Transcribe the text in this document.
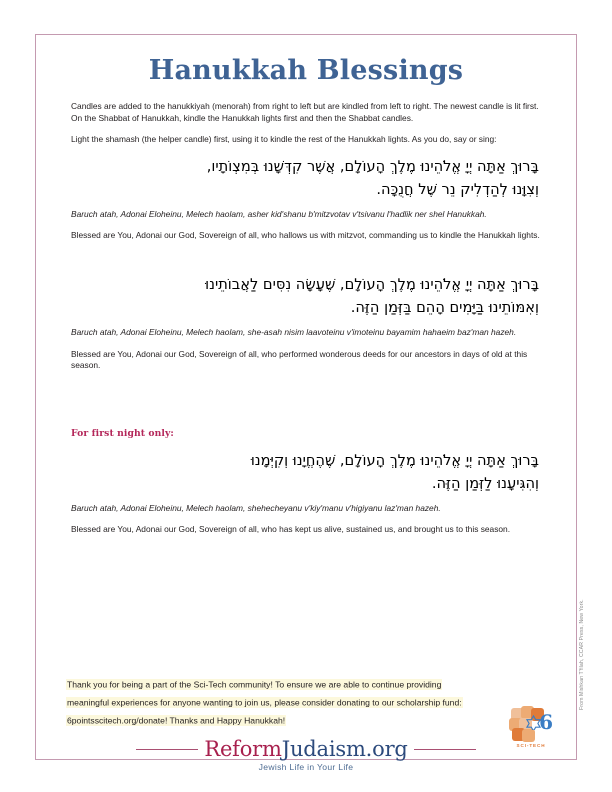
Hanukkah Blessings

Candles are added to the hanukkiyah (menorah) from right to left but are kindled from left to right. The newest candle is lit first. On the Shabbat of Hanukkah, kindle the Hanukkah lights first and then the Shabbat candles.

Light the shamash (the helper candle) first, using it to kindle the rest of the Hanukkah lights. As you do, say or sing:

בָּרוּךְ אַתָּה יְיָ אֱלֹהֵינוּ מֶלֶךְ הָעוֹלָם, אֲשֶׁר קִדְּשָׁנוּ בְּמִצְוֹתָיו,

וְצִוָּנוּ לְהַדְלִיק נֵר שֶׁל חֲנֻכָּה.

Baruch atah, Adonai Eloheinu, Melech haolam, asher kid'shanu b'mitzvotav v'tsivanu l'hadlik ner shel Hanukkah.

Blessed are You, Adonai our God, Sovereign of all, who hallows us with mitzvot, commanding us to kindle the Hanukkah lights.

בָּרוּךְ אַתָּה יְיָ אֱלֹהֵינוּ מֶלֶךְ הָעוֹלָם, שֶׁעָשָׂה נִסִּים לַאֲבוֹתֵינוּ

וְאִמּוֹתֵינוּ בַּיָּמִים הָהֵם בַּזְּמַן הַזֶּה.

Baruch atah, Adonai Eloheinu, Melech haolam, she-asah nisim laavoteinu v'imoteinu bayamim hahaeim baz'man hazeh.

Blessed are You, Adonai our God, Sovereign of all, who performed wonderous deeds for our ancestors in days of old at this season.

For first night only:

בָּרוּךְ אַתָּה יְיָ אֱלֹהֵינוּ מֶלֶךְ הָעוֹלָם, שֶׁהֶחֱיָנוּ וְקִיְּמָנוּ

וְהִגִּיעָנוּ לַזְּמַן הַזֶּה.

Baruch atah, Adonai Eloheinu, Melech haolam, shehecheyanu v'kiy'manu v'higiyanu laz'man hazeh.

Blessed are You, Adonai our God, Sovereign of all, who has kept us alive, sustained us, and brought us to this season.

Thank you for being a part of the Sci-Tech community! To ensure we are able to continue providing

meaningful experiences for anyone wanting to join us, please consider donating to our scholarship fund:

6pointsscitech.org/donate! Thanks and Happy Hanukkah!	6
SCI-TECH
ReformJudaism.org
Jewish Life in Your Life
From Mishkan T'filah, CCAR Press, New York.
